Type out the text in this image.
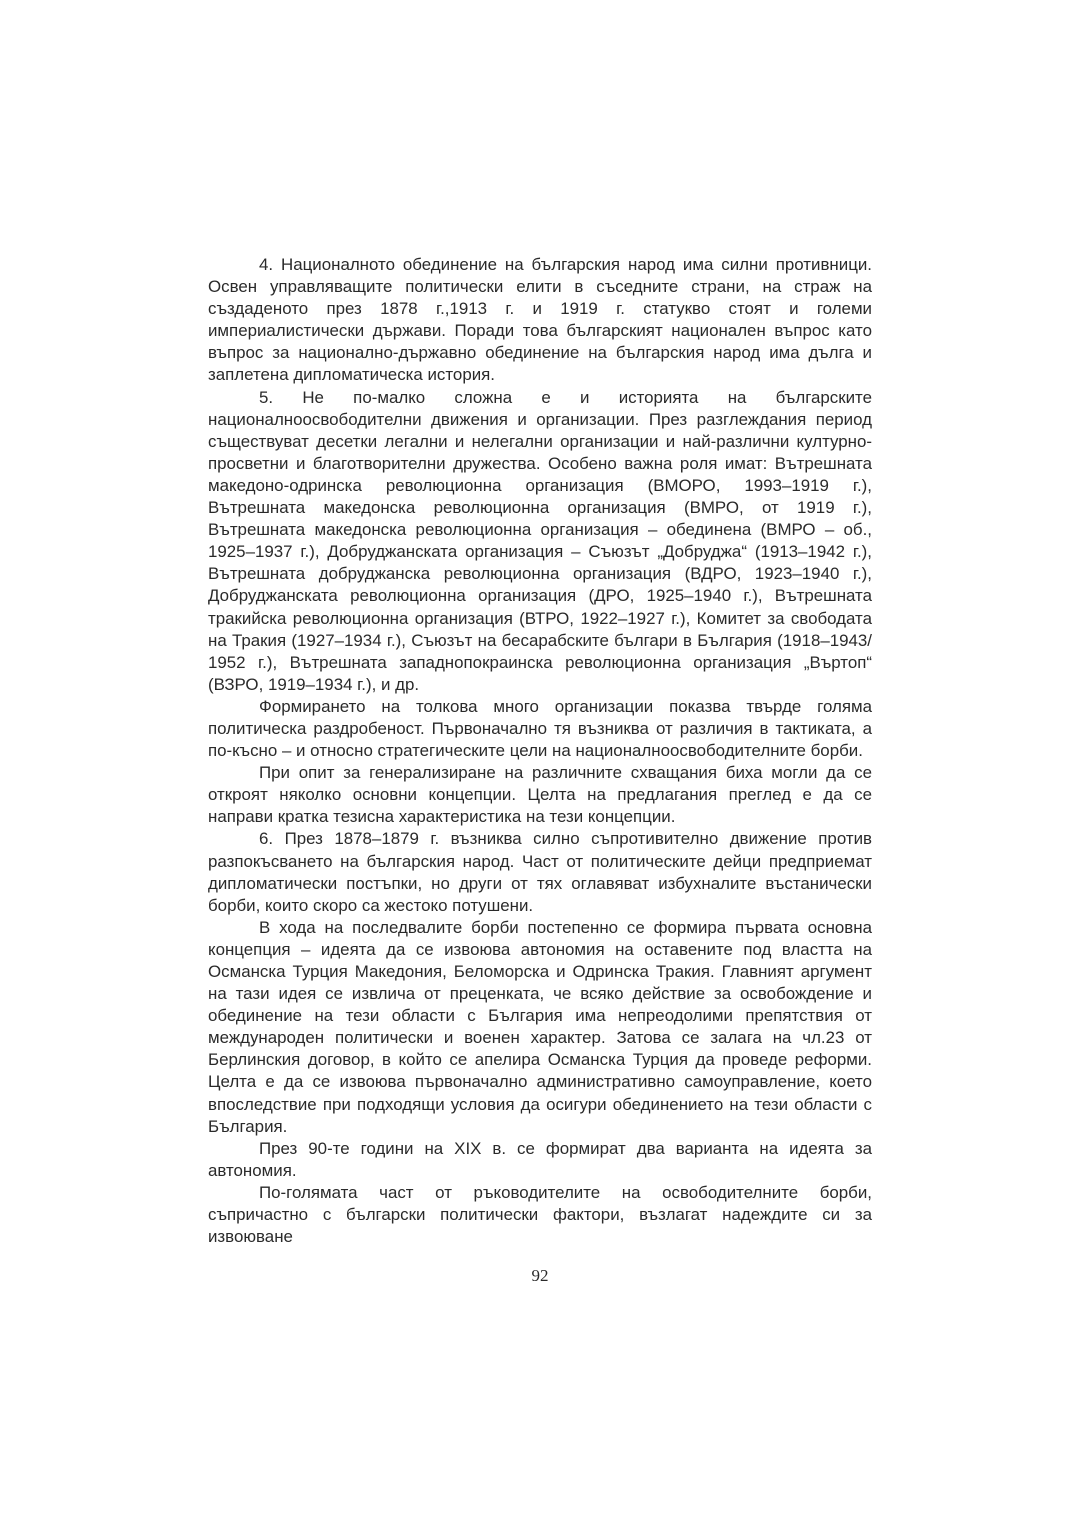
4. Националното обединение на българския народ има силни противници. Освен управляващите политически елити в съседните страни, на страж на създаденото през 1878 г.,1913 г. и 1919 г. статукво стоят и големи империалистически държави. Поради това българският национален въпрос като въпрос за национално-държавно обединение на българския народ има дълга и заплетена дипломатическа история.

5. Не по-малко сложна е и историята на българските националноосвободителни движения и организации. През разглеждания период съществуват десетки легални и нелегални организации и най-различни културно-просветни и благотворителни дружества. Особено важна роля имат: Вътрешната македоно-одринска революционна организация (ВМОРО, 1993–1919 г.), Вътрешната македонска революционна организация (ВМРО, от 1919 г.), Вътрешната македонска революционна организация – обединена (ВМРО – об., 1925–1937 г.), Добруджанската организация – Съюзът „Добруджа“ (1913–1942 г.), Вътрешната добруджанска революционна организация (ВДРО, 1923–1940 г.), Добруджанската революционна организация (ДРО, 1925–1940 г.), Вътрешната тракийска революционна организация (ВТРО, 1922–1927 г.), Комитет за свободата на Тракия (1927–1934 г.), Съюзът на бесарабските българи в България (1918–1943/ 1952 г.), Вътрешната западнопокраинска революционна организация „Въртоп“ (ВЗРО, 1919–1934 г.), и др.

Формирането на толкова много организации показва твърде голяма политическа раздробеност. Първоначално тя възниква от различия в тактиката, а по-късно – и относно стратегическите цели на националноосвободителните борби.

При опит за генерализиране на различните схващания биха могли да се откроят няколко основни концепции. Целта на предлагания преглед е да се направи кратка тезисна характеристика на тези концепции.

6. През 1878–1879 г. възниква силно съпротивително движение против разпокъсването на българския народ. Част от политическите дейци предприемат дипломатически постъпки, но други от тях оглавяват избухналите въстанически борби, които скоро са жестоко потушени.

В хода на последвалите борби постепенно се формира първата основна концепция – идеята да се извоюва автономия на оставените под властта на Османска Турция Македония, Беломорска и Одринска Тракия. Главният аргумент на тази идея се извлича от преценката, че всяко действие за освобождение и обединение на тези области с България има непреодолими препятствия от международен политически и военен характер. Затова се залага на чл.23 от Берлинския договор, в който се апелира Османска Турция да проведе реформи. Целта е да се извоюва първоначално административно самоуправление, което впоследствие при подходящи условия да осигури обединението на тези области с България.

През 90-те години на XIX в. се формират два варианта на идеята за автономия.

По-голямата част от ръководителите на освободителните борби, съпричастно с български политически фактори, възлагат надеждите си за извоюване

92
